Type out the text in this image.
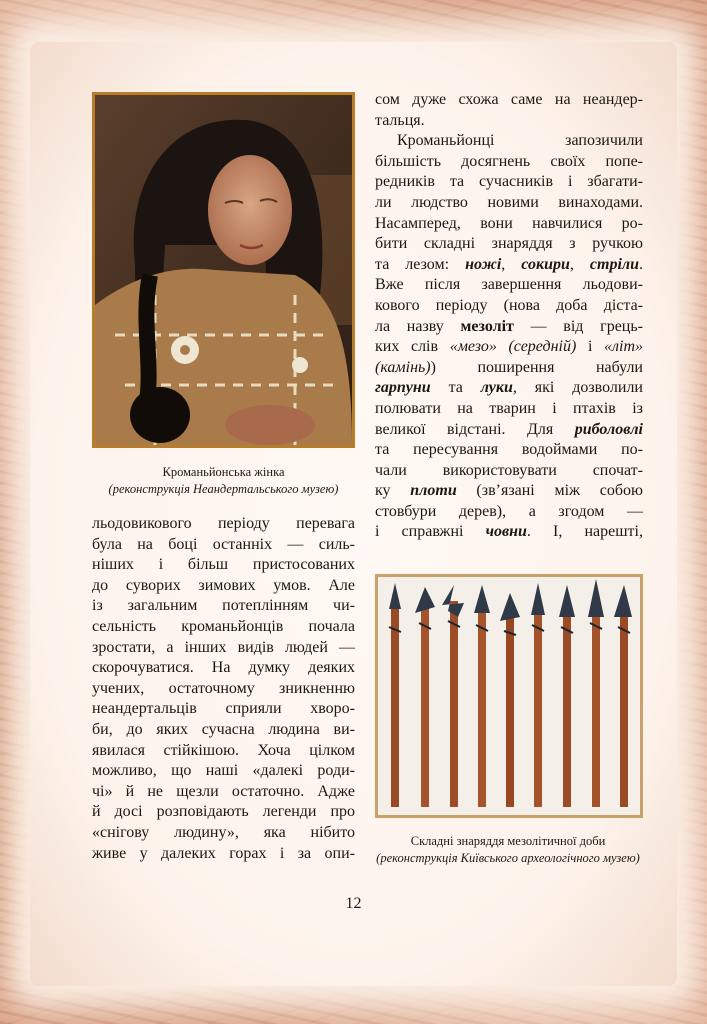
Кроманьйонська жінка
(реконструкція Неандертальського музею)
Складні знаряддя мезолітичної доби
(реконструкція Київського археологічного музею)
сом дуже схожа саме на неандер-
тальця.
Кроманьйонці запозичили
більшість досягнень своїх попе-
редників та сучасників і збагати-
ли людство новими винаходами.
Насамперед, вони навчилися ро-
бити складні знаряддя з ручкою
та лезом: ножі, сокири, стріли.
Вже після завершення льодови-
кового періоду (нова доба діста-
ла назву мезоліт — від грець-
ких слів «мезо» (середній) і «літ»
(камінь)) поширення набули
гарпуни та луки, які дозволили
полювати на тварин і птахів із
великої відстані. Для риболовлі
та пересування водоймами по-
чали використовувати спочат-
ку плоти (зв’язані між собою
стовбури дерев), а згодом —
і справжні човни. І, нарешті,
льодовикового періоду перевага
була на боці останніх — силь-
ніших і більш пристосованих
до суворих зимових умов. Але
із загальним потеплінням чи-
сельність кроманьйонців почала
зростати, а інших видів людей —
скорочуватися. На думку деяких
учених, остаточному зникненню
неандертальців сприяли хворо-
би, до яких сучасна людина ви-
явилася стійкішою. Хоча цілком
можливо, що наші «далекі роди-
чі» й не щезли остаточно. Адже
й досі розповідають легенди про
«снігову людину», яка нібито
живе у далеких горах і за опи-
12
